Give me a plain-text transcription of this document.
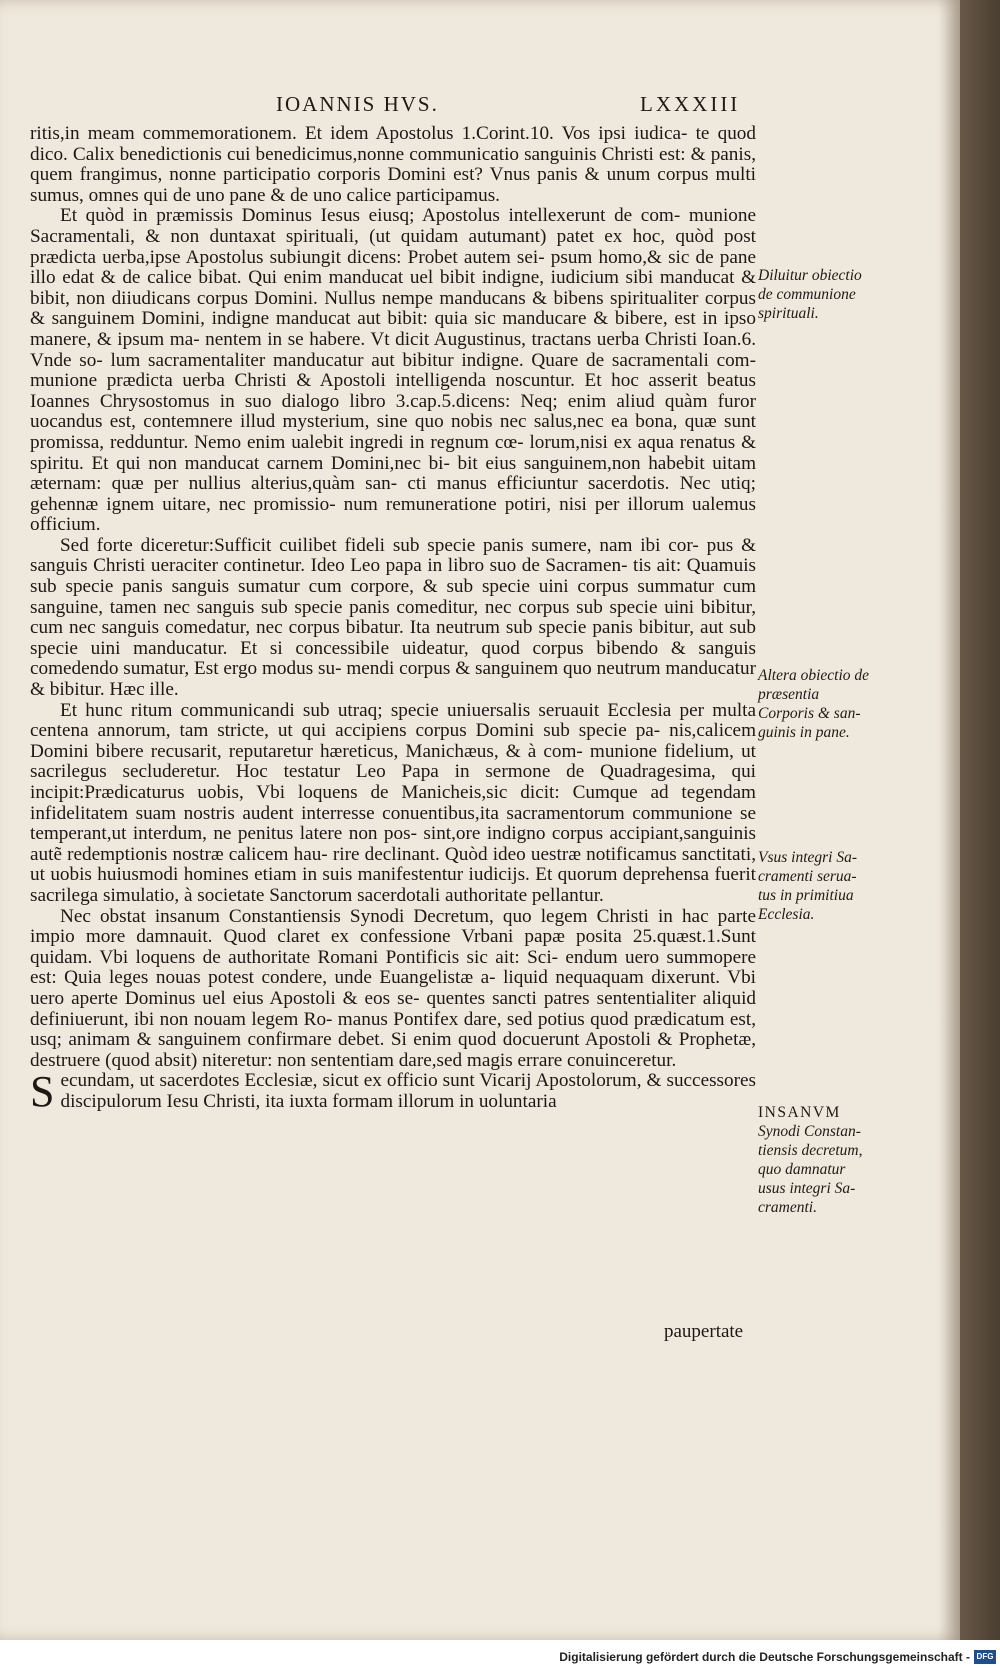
IOANNIS HVS.	LXXXIII

ritis,in meam commemorationem. Et idem Apostolus 1.Corint.10. Vos ipsi iudica- te quod dico. Calix benedictionis cui benedicimus,nonne communicatio sanguinis Christi est: & panis, quem frangimus, nonne participatio corporis Domini est? Vnus panis & unum corpus multi sumus, omnes qui de uno pane & de uno calice participamus.

Et quòd in præmissis Dominus Iesus eiusq; Apostolus intellexerunt de com- munione Sacramentali, & non duntaxat spirituali, (ut quidam autumant) patet ex hoc, quòd post prædicta uerba,ipse Apostolus subiungit dicens: Probet autem sei- psum homo,& sic de pane illo edat & de calice bibat. Qui enim manducat uel bibit indigne, iudicium sibi manducat & bibit, non diiudicans corpus Domini. Nullus nempe manducans & bibens spiritualiter corpus & sanguinem Domini, indigne manducat aut bibit: quia sic manducare & bibere, est in ipso manere, & ipsum ma- nentem in se habere. Vt dicit Augustinus, tractans uerba Christi Ioan.6. Vnde so- lum sacramentaliter manducatur aut bibitur indigne. Quare de sacramentali com- munione prædicta uerba Christi & Apostoli intelligenda noscuntur. Et hoc asserit beatus Ioannes Chrysostomus in suo dialogo libro 3.cap.5.dicens: Neq; enim aliud quàm furor uocandus est, contemnere illud mysterium, sine quo nobis nec salus,nec ea bona, quæ sunt promissa, redduntur. Nemo enim ualebit ingredi in regnum cœ- lorum,nisi ex aqua renatus & spiritu. Et qui non manducat carnem Domini,nec bi- bit eius sanguinem,non habebit uitam æternam: quæ per nullius alterius,quàm san- cti manus efficiuntur sacerdotis. Nec utiq; gehennæ ignem uitare, nec promissio- num remuneratione potiri, nisi per illorum ualemus officium.

Sed forte diceretur:Sufficit cuilibet fideli sub specie panis sumere, nam ibi cor- pus & sanguis Christi ueraciter continetur. Ideo Leo papa in libro suo de Sacramen- tis ait: Quamuis sub specie panis sanguis sumatur cum corpore, & sub specie uini corpus summatur cum sanguine, tamen nec sanguis sub specie panis comeditur, nec corpus sub specie uini bibitur, cum nec sanguis comedatur, nec corpus bibatur. Ita neutrum sub specie panis bibitur, aut sub specie uini manducatur. Et si concessibile uideatur, quod corpus bibendo & sanguis comedendo sumatur, Est ergo modus su- mendi corpus & sanguinem quo neutrum manducatur & bibitur. Hæc ille.

Et hunc ritum communicandi sub utraq; specie uniuersalis seruauit Ecclesia per multa centena annorum, tam stricte, ut qui accipiens corpus Domini sub specie pa- nis,calicem Domini bibere recusarit, reputaretur hæreticus, Manichæus, & à com- munione fidelium, ut sacrilegus secluderetur. Hoc testatur Leo Papa in sermone de Quadragesima, qui incipit:Prædicaturus uobis, Vbi loquens de Manicheis,sic dicit: Cumque ad tegendam infidelitatem suam nostris audent interresse conuentibus,ita sacramentorum communione se temperant,ut interdum, ne penitus latere non pos- sint,ore indigno corpus accipiant,sanguinis autẽ redemptionis nostræ calicem hau- rire declinant. Quòd ideo uestræ notificamus sanctitati, ut uobis huiusmodi homines etiam in suis manifestentur iudicijs. Et quorum deprehensa fuerit sacrilega simulatio, à societate Sanctorum sacerdotali authoritate pellantur.

Nec obstat insanum Constantiensis Synodi Decretum, quo legem Christi in hac parte impio more damnauit. Quod claret ex confessione Vrbani papæ posita 25.quæst.1.Sunt quidam. Vbi loquens de authoritate Romani Pontificis sic ait: Sci- endum uero summopere est: Quia leges nouas potest condere, unde Euangelistæ a- liquid nequaquam dixerunt. Vbi uero aperte Dominus uel eius Apostoli & eos se- quentes sancti patres sententialiter aliquid definiuerunt, ibi non nouam legem Ro- manus Pontifex dare, sed potius quod prædicatum est, usq; animam & sanguinem confirmare debet. Si enim quod docuerunt Apostoli & Prophetæ, destruere (quod absit) niteretur: non sententiam dare,sed magis errare conuinceretur.

Secundam, ut sacerdotes Ecclesiæ, sicut ex officio sunt Vicarij Apostolorum, & successores discipulorum Iesu Christi, ita iuxta formam illorum in uoluntaria

Diluitur obiectio de communione spirituali.
Altera obiectio de præsentia Corporis & san- guinis in pane.
Vsus integri Sa- cramenti serua- tus in primitiua Ecclesia.
INSANVM
Synodi Constan- tiensis decretum, quo damnatur usus integri Sa- cramenti.
paupertate
Digitalisierung gefördert durch die Deutsche Forschungsgemeinschaft - DFG
